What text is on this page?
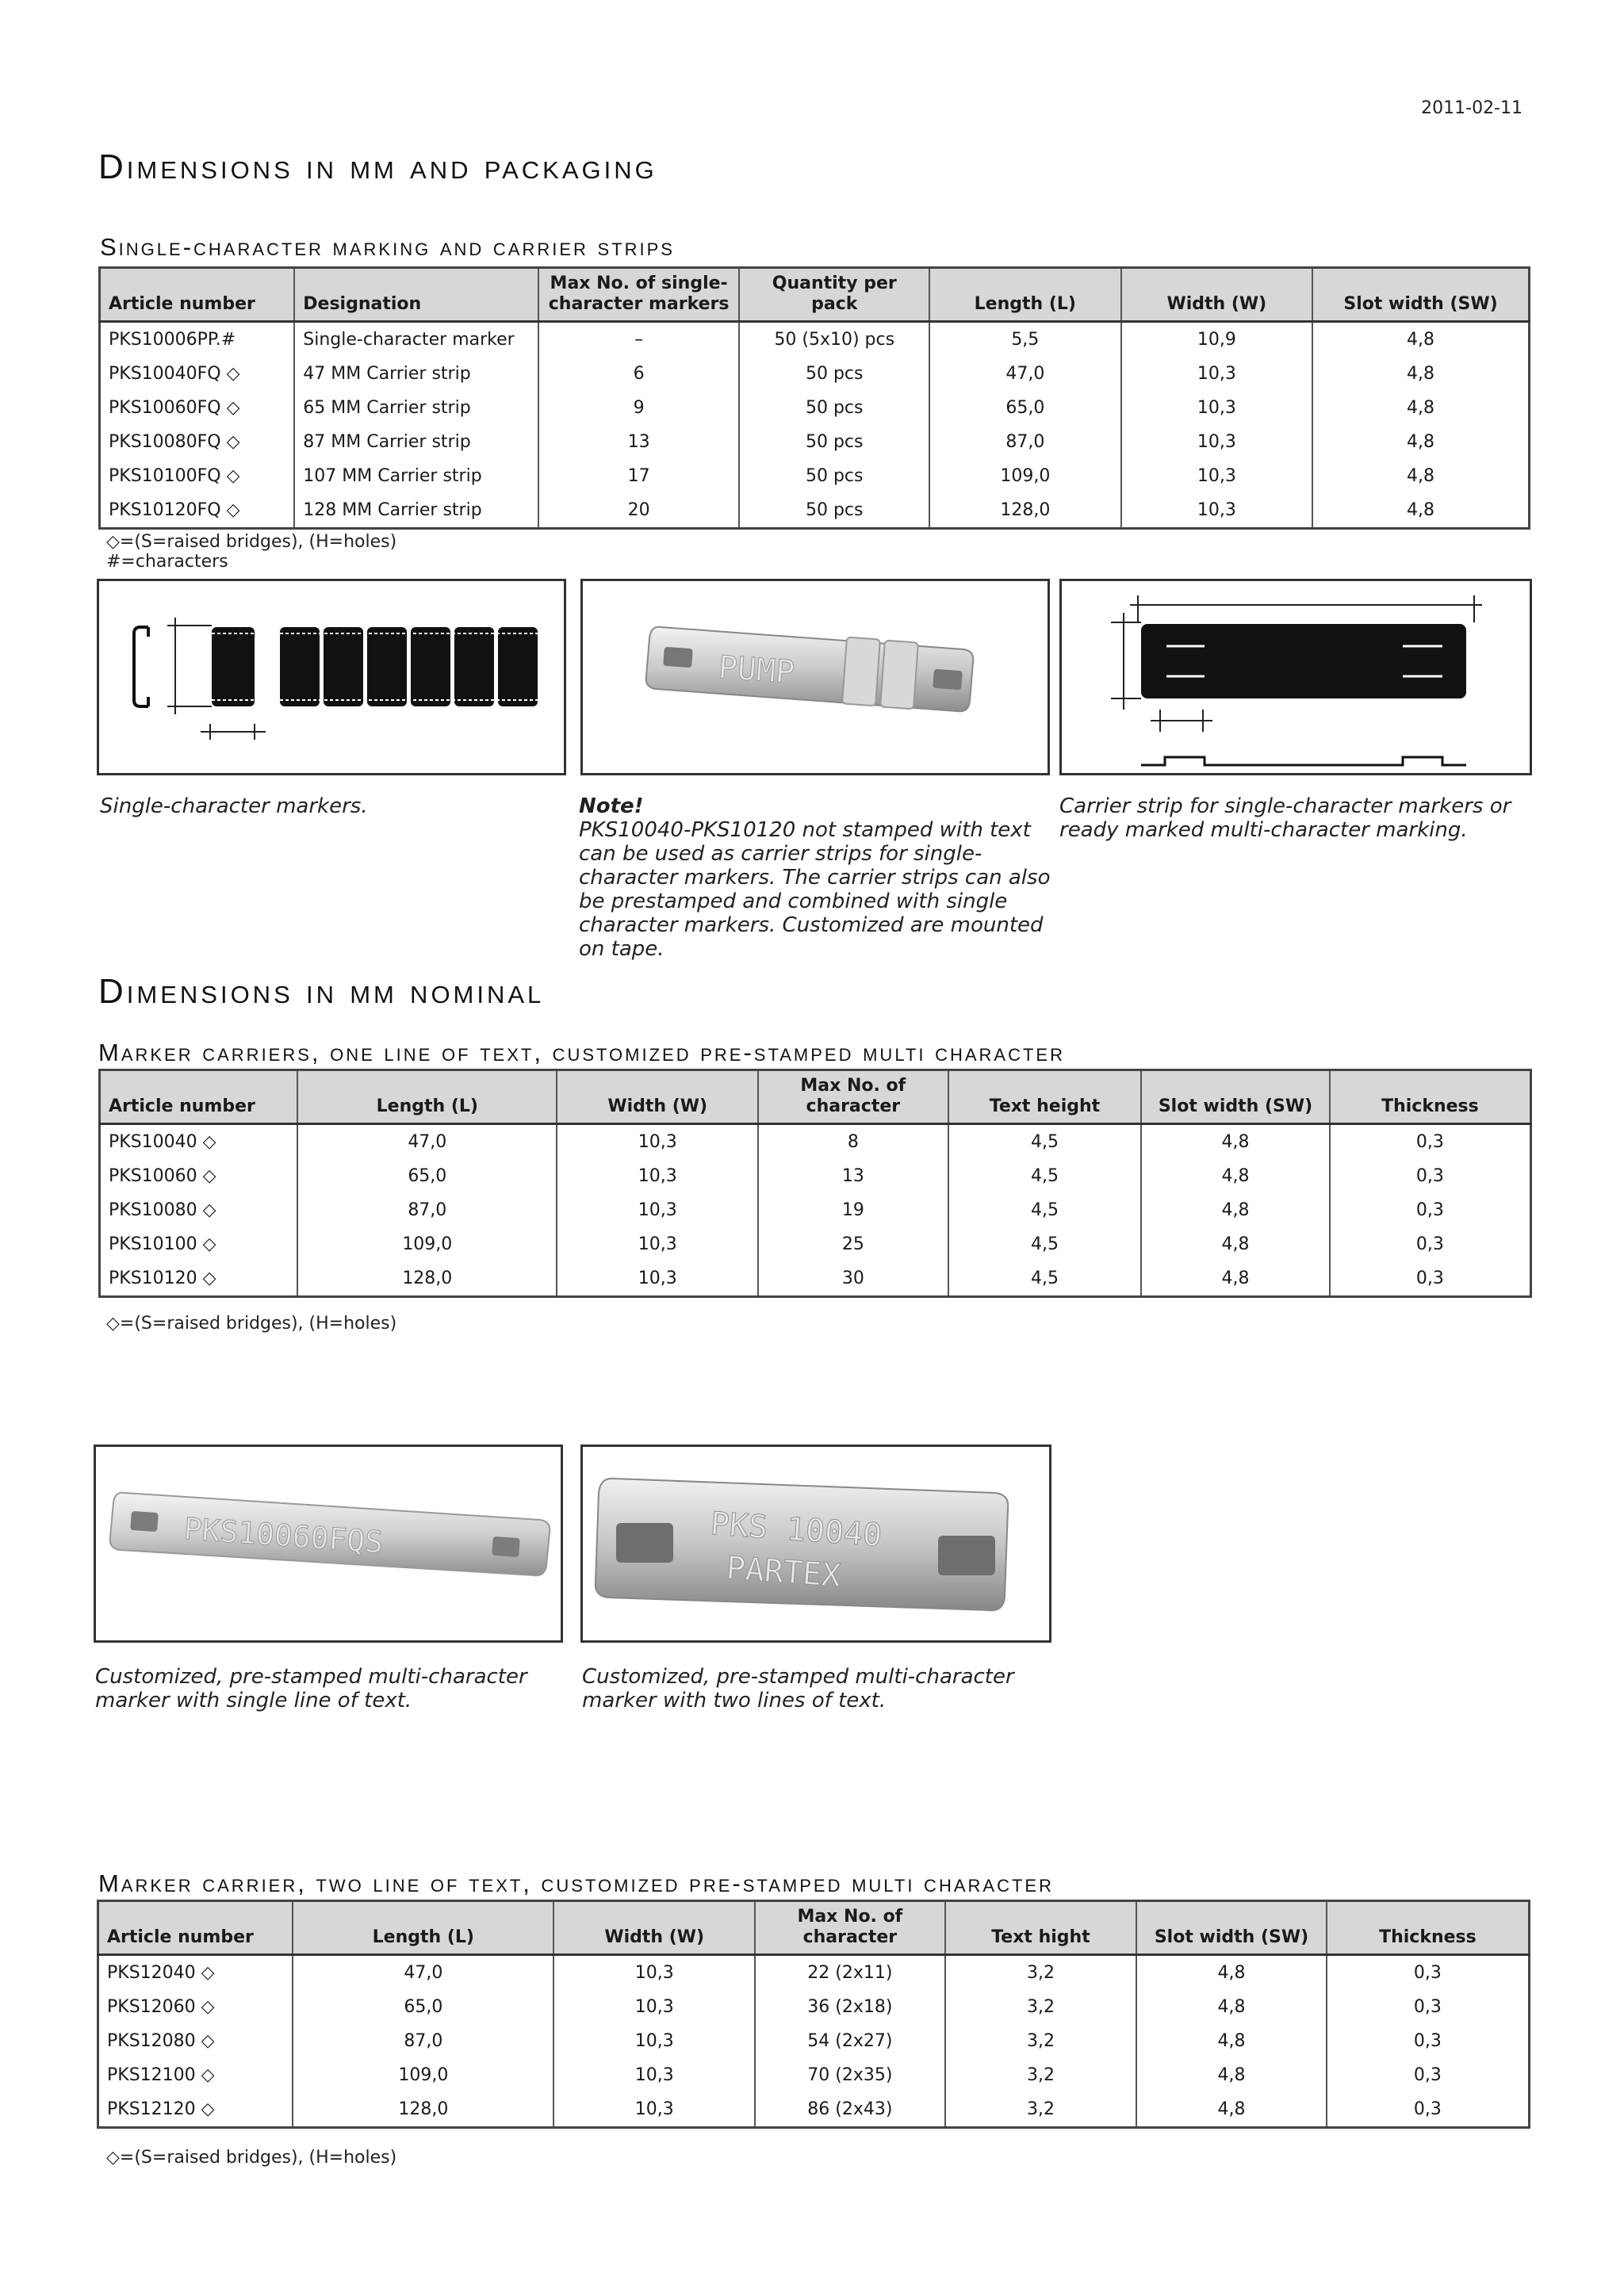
2011-02-11
Dimensions in mm and packaging
Single-character marking and carrier strips
Article number	Designation	Max No. of single-character markers	Quantity per pack	Length (L)	Width (W)	Slot width (SW)
PKS10006PP.#	Single-character marker	–	50 (5x10) pcs	5,5	10,9	4,8
PKS10040FQ ◇	47 MM Carrier strip	6	50 pcs	47,0	10,3	4,8
PKS10060FQ ◇	65 MM Carrier strip	9	50 pcs	65,0	10,3	4,8
PKS10080FQ ◇	87 MM Carrier strip	13	50 pcs	87,0	10,3	4,8
PKS10100FQ ◇	107 MM Carrier strip	17	50 pcs	109,0	10,3	4,8
PKS10120FQ ◇	128 MM Carrier strip	20	50 pcs	128,0	10,3	4,8
◇=(S=raised bridges), (H=holes)
#=characters
PUMP
Single-character markers.	Note!
PKS10040-PKS10120 not stamped with text can be used as carrier strips for single-character markers. The carrier strips can also be prestamped and combined with single character markers. Customized are mounted on tape.
Carrier strip for single-character markers or ready marked multi-character marking.
Dimensions in mm nominal
Marker carriers, one line of text, customized pre-stamped multi character
Article number	Length (L)	Width (W)	Max No. of character	Text height	Slot width (SW)	Thickness
PKS10040 ◇	47,0	10,3	8	4,5	4,8	0,3
PKS10060 ◇	65,0	10,3	13	4,5	4,8	0,3
PKS10080 ◇	87,0	10,3	19	4,5	4,8	0,3
PKS10100 ◇	109,0	10,3	25	4,5	4,8	0,3
PKS10120 ◇	128,0	10,3	30	4,5	4,8	0,3
◇=(S=raised bridges), (H=holes)
PKS10060FQS	PKS 10040
PARTEX
Customized, pre-stamped multi-character marker with single line of text.
Customized, pre-stamped multi-character marker with two lines of text.
Marker carrier, two line of text, customized pre-stamped multi character
Article number	Length (L)	Width (W)	Max No. of character	Text hight	Slot width (SW)	Thickness
PKS12040 ◇	47,0	10,3	22 (2x11)	3,2	4,8	0,3
PKS12060 ◇	65,0	10,3	36 (2x18)	3,2	4,8	0,3
PKS12080 ◇	87,0	10,3	54 (2x27)	3,2	4,8	0,3
PKS12100 ◇	109,0	10,3	70 (2x35)	3,2	4,8	0,3
PKS12120 ◇	128,0	10,3	86 (2x43)	3,2	4,8	0,3
◇=(S=raised bridges), (H=holes)
